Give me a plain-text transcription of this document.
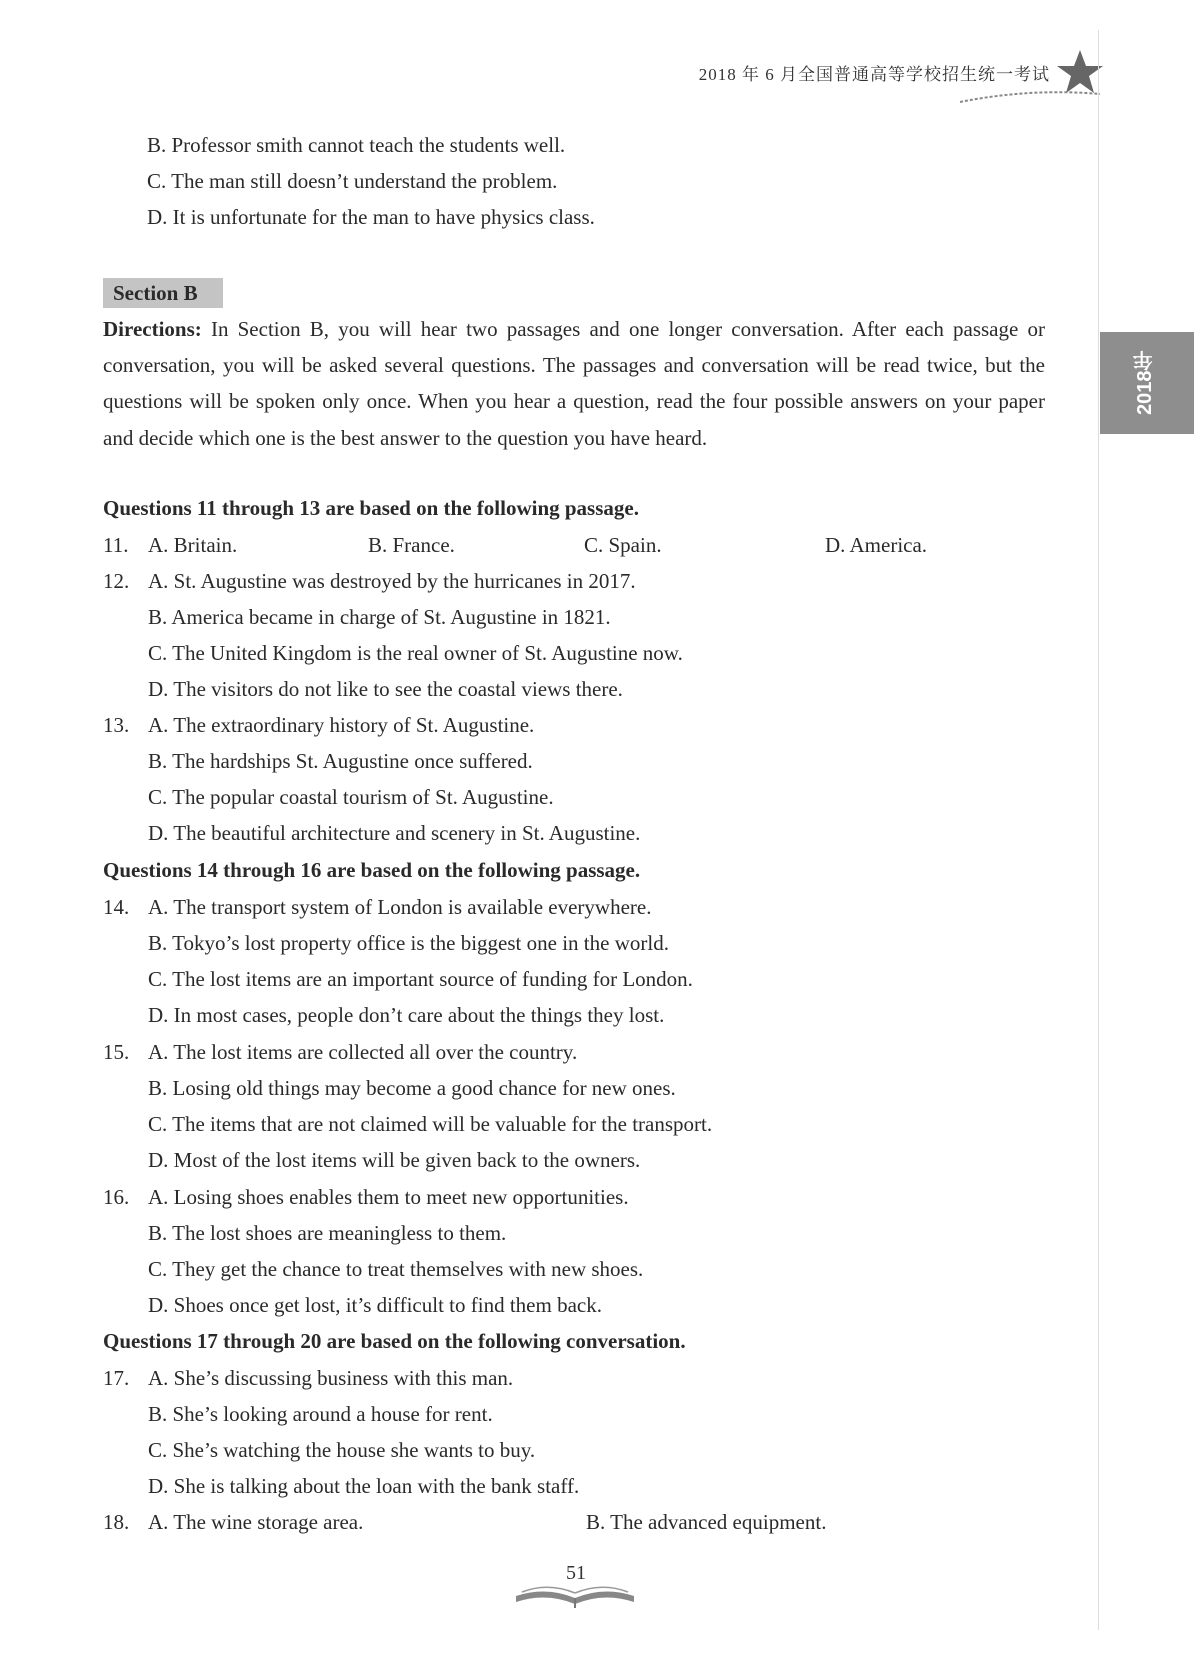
2018 年 6 月全国普通高等学校招生统一考试
2018年
B. Professor smith cannot teach the students well.
C. The man still doesn’t understand the problem.
D. It is unfortunate for the man to have physics class.
Section B
Directions: In Section B, you will hear two passages and one longer conversation. After each passage or conversation, you will be asked several questions. The passages and conversation will be read twice, but the questions will be spoken only once. When you hear a question, read the four possible answers on your paper and decide which one is the best answer to the question you have heard.
Questions 11 through 13 are based on the following passage.
11. A. Britain.	B. France.	C. Spain.	D. America.
12. A. St. Augustine was destroyed by the hurricanes in 2017.
B. America became in charge of St. Augustine in 1821.
C. The United Kingdom is the real owner of St. Augustine now.
D. The visitors do not like to see the coastal views there.
13. A. The extraordinary history of St. Augustine.
B. The hardships St. Augustine once suffered.
C. The popular coastal tourism of St. Augustine.
D. The beautiful architecture and scenery in St. Augustine.
Questions 14 through 16 are based on the following passage.
14. A. The transport system of London is available everywhere.
B. Tokyo’s lost property office is the biggest one in the world.
C. The lost items are an important source of funding for London.
D. In most cases, people don’t care about the things they lost.
15. A. The lost items are collected all over the country.
B. Losing old things may become a good chance for new ones.
C. The items that are not claimed will be valuable for the transport.
D. Most of the lost items will be given back to the owners.
16. A. Losing shoes enables them to meet new opportunities.
B. The lost shoes are meaningless to them.
C. They get the chance to treat themselves with new shoes.
D. Shoes once get lost, it’s difficult to find them back.
Questions 17 through 20 are based on the following conversation.
17. A. She’s discussing business with this man.
B. She’s looking around a house for rent.
C. She’s watching the house she wants to buy.
D. She is talking about the loan with the bank staff.
18. A. The wine storage area.	B. The advanced equipment.
51
